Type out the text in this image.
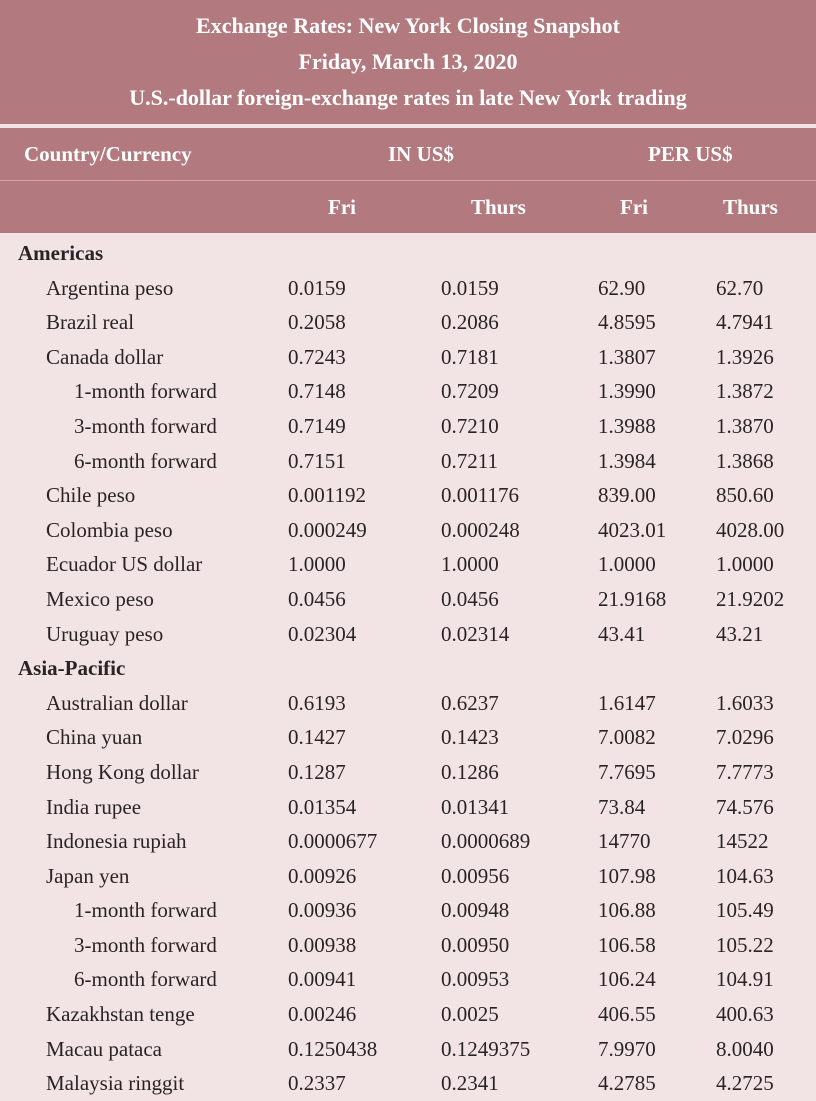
Exchange Rates: New York Closing Snapshot
Friday, March 13, 2020
U.S.-dollar foreign-exchange rates in late New York trading
Country/Currency	IN US$	PER US$
Fri	Thurs	Fri	Thurs
Americas
Argentina peso	0.0159	0.0159	62.90	62.70
Brazil real	0.2058	0.2086	4.8595	4.7941
Canada dollar	0.7243	0.7181	1.3807	1.3926
1-month forward	0.7148	0.7209	1.3990	1.3872
3-month forward	0.7149	0.7210	1.3988	1.3870
6-month forward	0.7151	0.7211	1.3984	1.3868
Chile peso	0.001192	0.001176	839.00	850.60
Colombia peso	0.000249	0.000248	4023.01 4028.00
Ecuador US dollar	1.0000	1.0000	1.0000	1.0000
Mexico peso	0.0456	0.0456	21.9168 21.9202
Uruguay peso	0.02304	0.02314	43.41	43.21
Asia-Pacific
Australian dollar	0.6193	0.6237	1.6147	1.6033
China yuan	0.1427	0.1423	7.0082	7.0296
Hong Kong dollar	0.1287	0.1286	7.7695	7.7773
India rupee	0.01354	0.01341	73.84	74.576
Indonesia rupiah	0.0000677	0.0000689	14770	14522
Japan yen	0.00926	0.00956	107.98	104.63
1-month forward	0.00936	0.00948	106.88	105.49
3-month forward	0.00938	0.00950	106.58	105.22
6-month forward	0.00941	0.00953	106.24	104.91
Kazakhstan tenge	0.00246	0.0025	406.55	400.63
Macau pataca	0.1250438	0.1249375	7.9970	8.0040
Malaysia ringgit	0.2337	0.2341	4.2785	4.2725
